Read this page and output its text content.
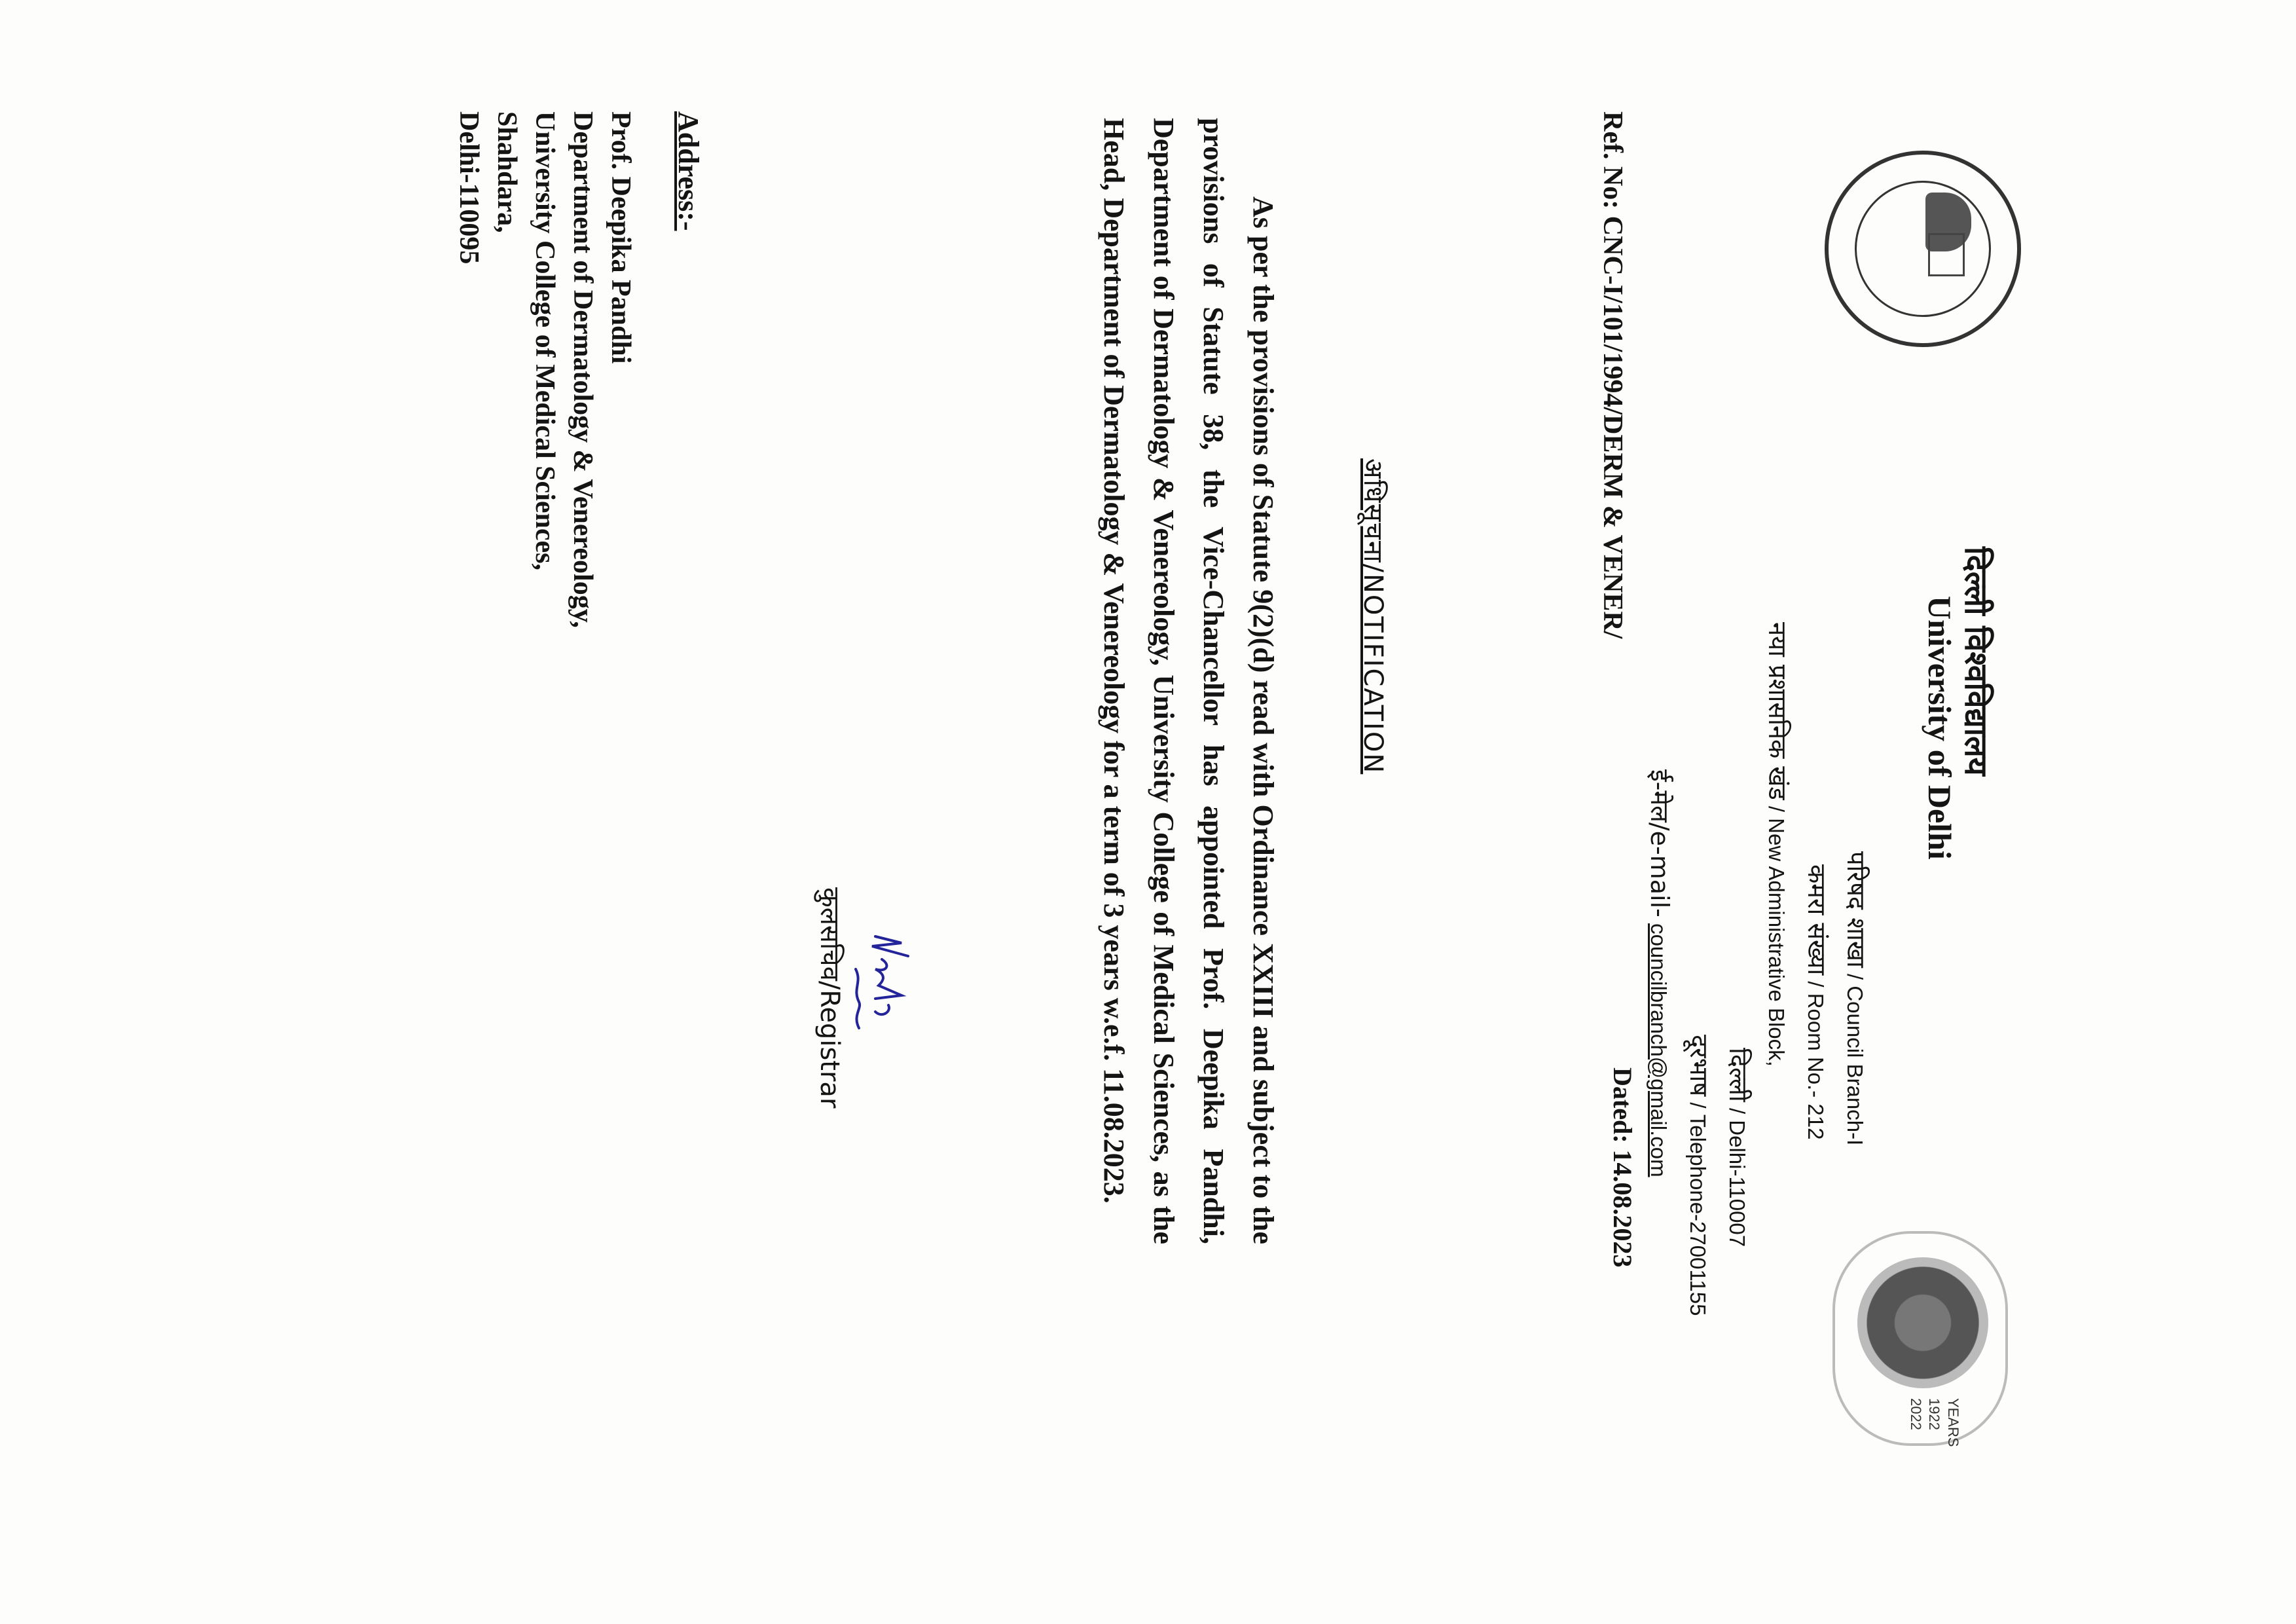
YEARS
1922 2022
दिल्ली विश्वविद्यालय
University of Delhi
परिषद शाखा / Council Branch-I
कमरा संख्या / Room No.- 212
नया प्रशासनिक खंड / New Administrative Block,
दिल्ली / Delhi-110007
दूरभाष / Telephone-27001155
ई-मेल/e-mail- councilbranch@gmail.com
Dated: 14.08.2023
Ref. No: CNC-I/101/1994/DERM & VENER/
अधिसूचना/NOTIFICATION

As per the provisions of Statute 9(2)(d) read with Ordinance XXIII and subject to the provisions of Statute 38, the Vice-Chancellor has appointed Prof. Deepika Pandhi, Department of Dermatology & Venereology, University College of Medical Sciences, as the Head, Department of Dermatology & Venereology for a term of 3 years w.e.f. 11.08.2023.

कुलसचिव/Registrar
Address:-
Prof. Deepika Pandhi
Department of Dermatology & Venereology,
University College of Medical Sciences,
Shahdara,
Delhi-110095
